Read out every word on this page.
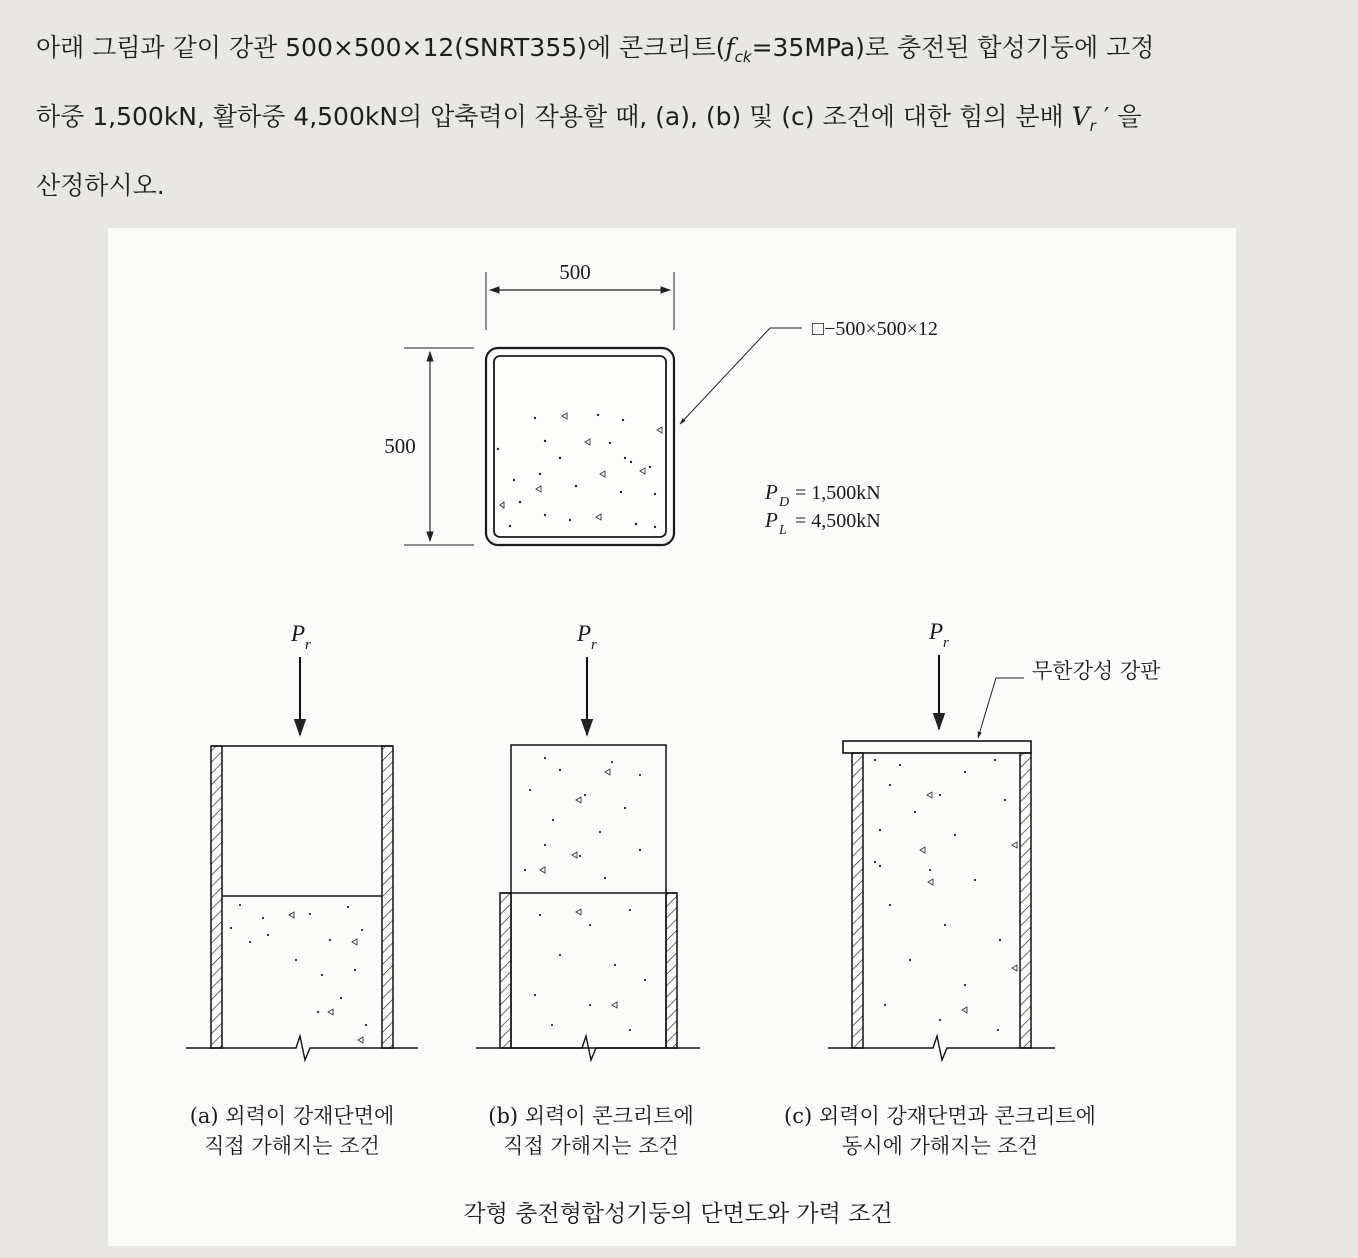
아래 그림과 같이 강관 500×500×12(SNRT355)에 콘크리트$(f_{ck}=35MPa)$로 충전된 합성기둥에 고정
하중 1,500kN, 활하중 4,500kN의 압축력이 작용할 때, (a), (b) 및 (c) 조건에 대한 힘의 분배 $V_r$ ′ 을
산정하시오.
500
500
□−500×500×12
P D = 1,500kN
P L = 4,500kN
P r	P r
P r
무한강성 강판
(a) 외력이 강재단면에
직접 가해지는 조건
(b) 외력이 콘크리트에
직접 가해지는 조건
(c) 외력이 강재단면과 콘크리트에
동시에 가해지는 조건
각형 충전형합성기둥의 단면도와 가력 조건
